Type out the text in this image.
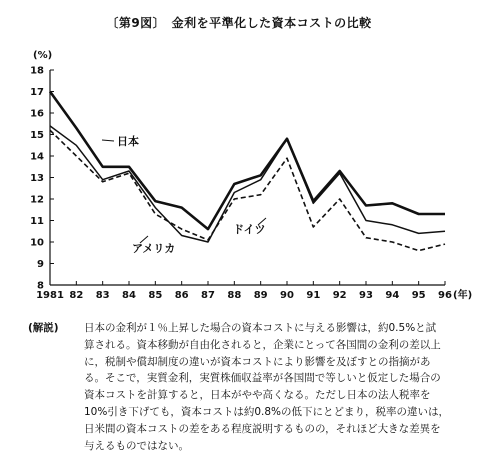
〔第9図〕　金利を平準化した資本コストの比較
8
9
10
11
12
13
14
15
16
17
18
(%)
1981 82 83 84 85 86 87 88 89 90 91 92 93 94 95 96 (年)
日本
アメリカ
ドイツ
(解説) 日本の金利が１％上昇した場合の資本コストに与える影響は，約0.5%と試
算される。資本移動が自由化されると，企業にとって各国間の金利の差以上
に，税制や償却制度の違いが資本コストにより影響を及ぼすとの指摘があ
る。そこで，実質金利，実質株価収益率が各国間で等しいと仮定した場合の
資本コストを計算すると，日本がやや高くなる。ただし日本の法人税率を
10%引き下げても，資本コストは約0.8%の低下にとどまり，税率の違いは，
日米間の資本コストの差をある程度説明するものの，それほど大きな差異を
与えるものではない。
